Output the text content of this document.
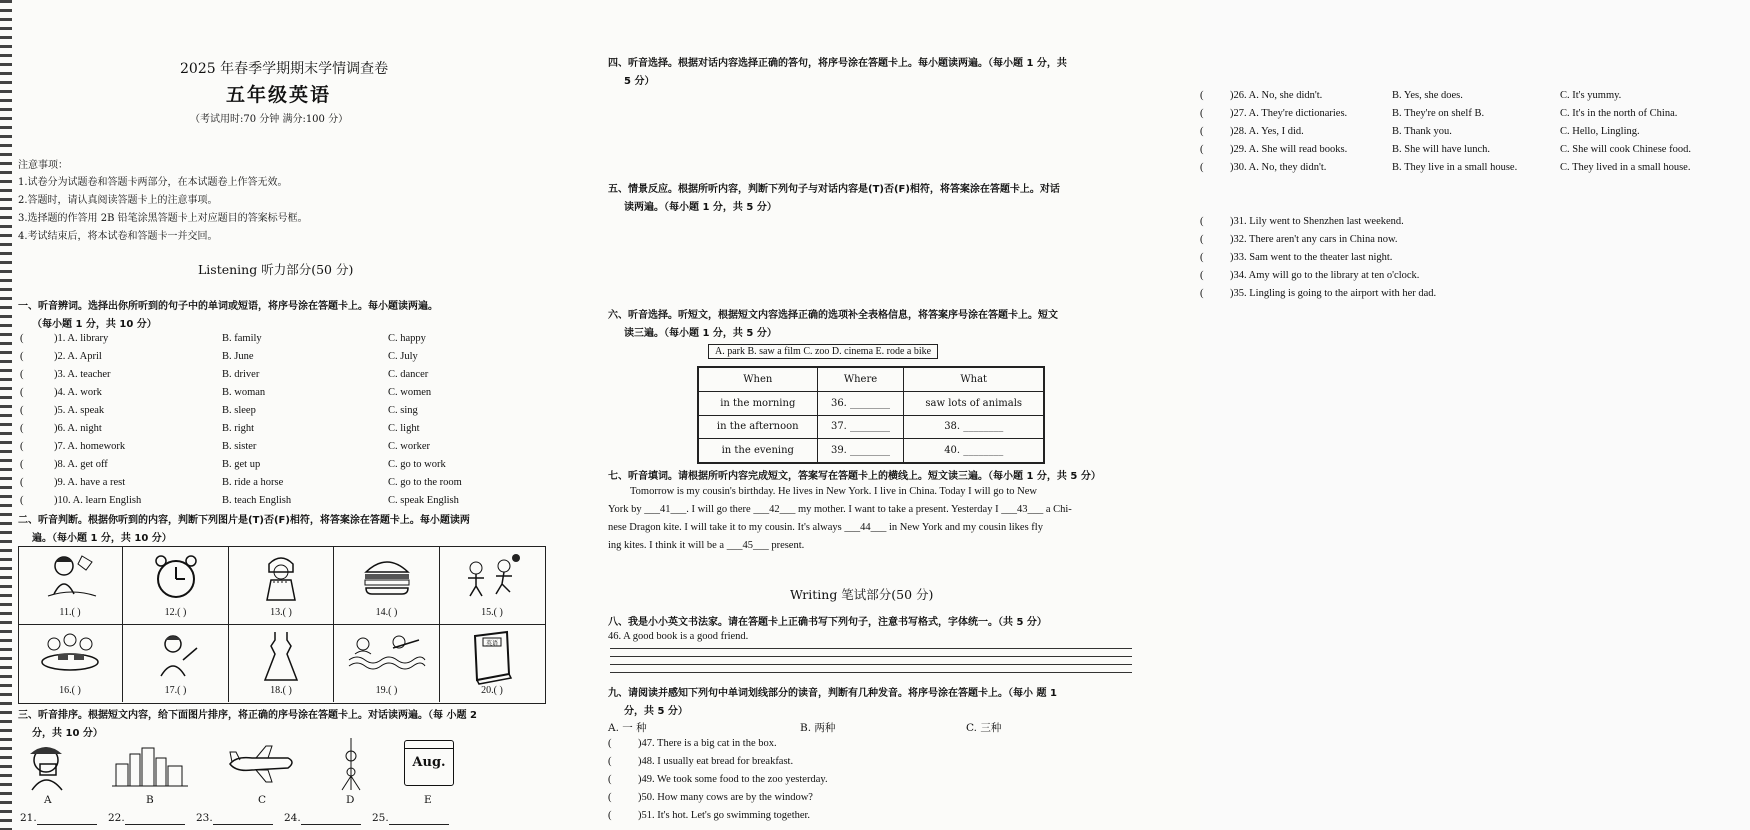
2025 年春季学期期末学情调查卷
五年级英语
（考试用时:70 分钟 满分:100 分）
注意事项：
1.试卷分为试题卷和答题卡两部分，在本试题卷上作答无效。
2.答题时，请认真阅读答题卡上的注意事项。
3.选择题的作答用 2B 铅笔涂黑答题卡上对应题目的答案标号框。
4.考试结束后，将本试卷和答题卡一并交回。
Listening 听力部分(50 分)
一、听音辨词。选择出你所听到的句子中的单词或短语，将序号涂在答题卡上。每小题读两遍。
（每小题 1 分，共 10 分）
(	)1. A. library	B. family	C. happy
(	)2. A. April	B. June	C. July
(	)3. A. teacher	B. driver	C. dancer
(	)4. A. work	B. woman	C. women
(	)5. A. speak	B. sleep	C. sing
(	)6. A. night	B. right	C. light
(	)7. A. homework	B. sister	C. worker
(	)8. A. get off	B. get up	C. go to work
(	)9. A. have a rest	B. ride a horse	C. go to the room
(	)10. A. learn English	B. teach English	C. speak English
二、听音判断。根据你听到的内容，判断下列图片是(T)否(F)相符，将答案涂在答题卡上。每小题读两
遍。（每小题 1 分，共 10 分）
11.( )	12.( )	13.( )	14.( )	15.( )
16.( )	17.( )	18.( )	19.( )
英语
20.( )
三、听音排序。根据短文内容，给下面图片排序，将正确的序号涂在答题卡上。对话读两遍。（每 小题 2
分，共 10 分）
Aug.
A	B	C	D	E
21.	22.	23.	24.	25.
四、听音选择。根据对话内容选择正确的答句，将序号涂在答题卡上。每小题读两遍。（每小题 1 分，共
5 分）
(	)26. A. No, she didn't.	B. Yes, she does.	C. It's yummy.
(	)27. A. They're dictionaries.	B. They're on shelf B.	C. It's in the north of China.
(	)28. A. Yes, I did.	B. Thank you.	C. Hello, Lingling.
(	)29. A. She will read books.	B. She will have lunch.	C. She will cook Chinese food.
(	)30. A. No, they didn't.	B. They live in a small house.	C. They lived in a small house.
五、情景反应。根据所听内容，判断下列句子与对话内容是(T)否(F)相符，将答案涂在答题卡上。对话
读两遍。（每小题 1 分，共 5 分）
(	)31. Lily went to Shenzhen last weekend.
(	)32. There aren't any cars in China now.
(	)33. Sam went to the theater last night.
(	)34. Amy will go to the library at ten o'clock.
(	)35. Lingling is going to the airport with her dad.
六、听音选择。听短文，根据短文内容选择正确的选项补全表格信息，将答案序号涂在答题卡上。短文
读三遍。（每小题 1 分，共 5 分）
A. park B. saw a film C. zoo D. cinema E. rode a bike
When	Where	What
in the morning	36. ________	saw lots of animals
in the afternoon	37. ________	38. ________
in the evening	39. ________	40. ________
七、听音填词。请根据所听内容完成短文，答案写在答题卡上的横线上。短文读三遍。（每小题 1 分，共 5 分）
Tomorrow is my cousin's birthday. He lives in New York. I live in China. Today I will go to New
York by ___41___. I will go there ___42___ my mother. I want to take a present. Yesterday I ___43___ a Chi-
nese Dragon kite. I will take it to my cousin. It's always ___44___ in New York and my cousin likes fly
ing kites. I think it will be a ___45___ present.
Writing 笔试部分(50 分)
八、我是小小英文书法家。请在答题卡上正确书写下列句子，注意书写格式，字体统一。（共 5 分）
46. A good book is a good friend.
九、请阅读并感知下列句中单词划线部分的读音，判断有几种发音。将序号涂在答题卡上。（每小 题 1
分，共 5 分）
A. 一 种	B. 两种	C. 三种
(	)47. There is a big cat in the box.
(	)48. I usually eat bread for breakfast.
(	)49. We took some food to the zoo yesterday.
(	)50. How many cows are by the window?
(	)51. It's hot. Let's go swimming together.
